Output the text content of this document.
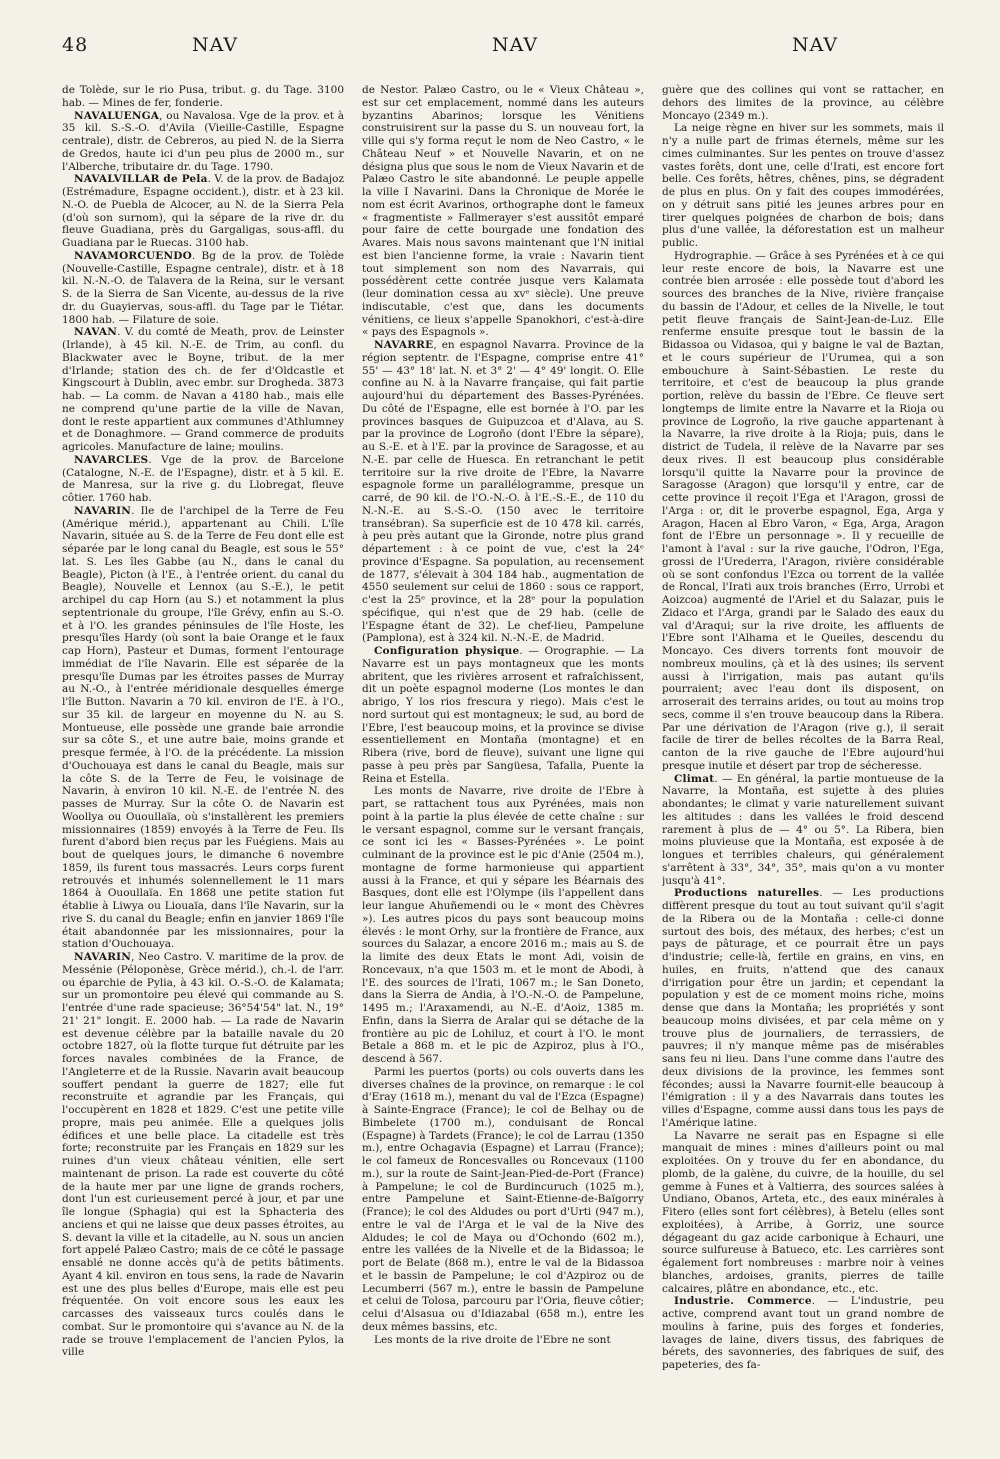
48	NAV	NAV
NAV

de Tolède, sur le rio Pusa, tribut. g. du Tage. 3100 hab. — Mines de fer, fonderie.

NAVALUENGA, ou Navalosa. Vge de la prov. et à 35 kil. S.-S.-O. d'Avila (Vieille-Castille, Espagne centrale), distr. de Cebreros, au pied N. de la Sierra de Gredos, haute ici d'un peu plus de 2000 m., sur l'Alberche, tributaire dr. du Tage. 1790.

NAVALVILLAR de Pela. V. de la prov. de Badajoz (Estrémadure, Espagne occident.), distr. et à 23 kil. N.-O. de Puebla de Alcocer, au N. de la Sierra Pela (d'où son surnom), qui la sépare de la rive dr. du fleuve Guadiana, près du Gargaligas, sous-affl. du Guadiana par le Ruecas. 3100 hab.

NAVAMORCUENDO. Bg de la prov. de Tolède (Nouvelle-Castille, Espagne centrale), distr. et à 18 kil. N.-N.-O. de Talavera de la Reina, sur le versant S. de la Sierra de San Vicente, au-dessus de la rive dr. du Guayiervas, sous-affl. du Tage par le Tiétar. 1800 hab. — Filature de soie.

NAVAN. V. du comté de Meath, prov. de Leinster (Irlande), à 45 kil. N.-E. de Trim, au confl. du Blackwater avec le Boyne, tribut. de la mer d'Irlande; station des ch. de fer d'Oldcastle et Kingscourt à Dublin, avec embr. sur Drogheda. 3873 hab. — La comm. de Navan a 4180 hab., mais elle ne comprend qu'une partie de la ville de Navan, dont le reste appartient aux communes d'Athlumney et de Donaghmore. — Grand commerce de produits agricoles. Manufacture de laine; moulins.

NAVARCLES. Vge de la prov. de Barcelone (Catalogne, N.-E. de l'Espagne), distr. et à 5 kil. E. de Manresa, sur la rive g. du Llobregat, fleuve côtier. 1760 hab.

NAVARIN. Ile de l'archipel de la Terre de Feu (Amérique mérid.), appartenant au Chili. L'île Navarin, située au S. de la Terre de Feu dont elle est séparée par le long canal du Beagle, est sous le 55° lat. S. Les îles Gabbe (au N., dans le canal du Beagle), Picton (à l'E., à l'entrée orient. du canal du Beagle), Nouvelle et Lennox (au S.-E.), le petit archipel du cap Horn (au S.) et notamment la plus septentrionale du groupe, l'île Grévy, enfin au S.-O. et à l'O. les grandes péninsules de l'île Hoste, les presqu'îles Hardy (où sont la baie Orange et le faux cap Horn), Pasteur et Dumas, forment l'entourage immédiat de l'île Navarin. Elle est séparée de la presqu'île Dumas par les étroites passes de Murray au N.-O., à l'entrée méridionale desquelles émerge l'île Button. Navarin a 70 kil. environ de l'E. à l'O., sur 35 kil. de largeur en moyenne du N. au S. Montueuse, elle possède une grande baie arrondie sur sa côte S., et une autre baie, moins grande et presque fermée, à l'O. de la précédente. La mission d'Ouchouaya est dans le canal du Beagle, mais sur la côte S. de la Terre de Feu, le voisinage de Navarin, à environ 10 kil. N.-E. de l'entrée N. des passes de Murray. Sur la côte O. de Navarin est Woollya ou Ououllaïa, où s'installèrent les premiers missionnaires (1859) envoyés à la Terre de Feu. Ils furent d'abord bien reçus par les Fuégiens. Mais au bout de quelques jours, le dimanche 6 novembre 1859, ils furent tous massacrés. Leurs corps furent retrouvés et inhumés solennellement le 11 mars 1864 à Ououllaïa. En 1868 une petite station fut établie à Liwya ou Liouaïa, dans l'île Navarin, sur la rive S. du canal du Beagle; enfin en janvier 1869 l'île était abandonnée par les missionnaires, pour la station d'Ouchouaya.

NAVARIN, Neo Castro. V. maritime de la prov. de Messénie (Péloponèse, Grèce mérid.), ch.-l. de l'arr. ou éparchie de Pylia, à 43 kil. O.-S.-O. de Kalamata; sur un promontoire peu élevé qui commande au S. l'entrée d'une rade spacieuse; 36°54'54" lat. N., 19° 21' 21" longit. E. 2000 hab. — La rade de Navarin est devenue célèbre par la bataille navale du 20 octobre 1827, où la flotte turque fut détruite par les forces navales combinées de la France, de l'Angleterre et de la Russie. Navarin avait beaucoup souffert pendant la guerre de 1827; elle fut reconstruite et agrandie par les Français, qui l'occupèrent en 1828 et 1829. C'est une petite ville propre, mais peu animée. Elle a quelques jolis édifices et une belle place. La citadelle est très forte; reconstruite par les Français en 1829 sur les ruines d'un vieux château vénitien, elle sert maintenant de prison. La rade est couverte du côté de la haute mer par une ligne de grands rochers, dont l'un est curieusement percé à jour, et par une île longue (Sphagia) qui est la Sphacteria des anciens et qui ne laisse que deux passes étroites, au S. devant la ville et la citadelle, au N. sous un ancien fort appelé Palæo Castro; mais de ce côté le passage ensablé ne donne accès qu'à de petits bâtiments. Ayant 4 kil. environ en tous sens, la rade de Navarin est une des plus belles d'Europe, mais elle est peu fréquentée. On voit encore sous les eaux les carcasses des vaisseaux turcs coulés dans le combat. Sur le promontoire qui s'avance au N. de la rade se trouve l'emplacement de l'ancien Pylos, la ville

de Nestor. Palæo Castro, ou le « Vieux Château », est sur cet emplacement, nommé dans les auteurs byzantins Abarinos; lorsque les Vénitiens construisirent sur la passe du S. un nouveau fort, la ville qui s'y forma reçut le nom de Neo Castro, « le Château Neuf » et Nouvelle Navarin, et on ne désigna plus que sous le nom de Vieux Navarin et de Palæo Castro le site abandonné. Le peuple appelle la ville I Navarini. Dans la Chronique de Morée le nom est écrit Avarinos, orthographe dont le fameux « fragmentiste » Fallmerayer s'est aussitôt emparé pour faire de cette bourgade une fondation des Avares. Mais nous savons maintenant que l'N initial est bien l'ancienne forme, la vraie : Navarin tient tout simplement son nom des Navarrais, qui possédèrent cette contrée jusque vers Kalamata (leur domination cessa au xvᵉ siècle). Une preuve indiscutable, c'est que, dans les documents vénitiens, ce lieux s'appelle Spanokhori, c'est-à-dire « pays des Espagnols ».

NAVARRE, en espagnol Navarra. Province de la région septentr. de l'Espagne, comprise entre 41° 55' — 43° 18' lat. N. et 3° 2' — 4° 49' longit. O. Elle confine au N. à la Navarre française, qui fait partie aujourd'hui du département des Basses-Pyrénées. Du côté de l'Espagne, elle est bornée à l'O. par les provinces basques de Guipuzcoa et d'Alava, au S. par la province de Logroño (dont l'Ebre la sépare), au S.-E. et à l'E. par la province de Saragosse, et au N.-E. par celle de Huesca. En retranchant le petit territoire sur la rive droite de l'Ebre, la Navarre espagnole forme un parallélogramme, presque un carré, de 90 kil. de l'O.-N.-O. à l'E.-S.-E., de 110 du N.-N.-E. au S.-S.-O. (150 avec le territoire transébran). Sa superficie est de 10 478 kil. carrés, à peu près autant que la Gironde, notre plus grand département : à ce point de vue, c'est la 24ᵉ province d'Espagne. Sa population, au recensement de 1877, s'élevait à 304 184 hab., augmentation de 4550 seulement sur celui de 1860 : sous ce rapport, c'est la 25ᵉ province, et la 28ᵉ pour la population spécifique, qui n'est que de 29 hab. (celle de l'Espagne étant de 32). Le chef-lieu, Pampelune (Pamplona), est à 324 kil. N.-N.-E. de Madrid.

Configuration physique. — Orographie. — La Navarre est un pays montagneux que les monts abritent, que les rivières arrosent et rafraîchissent, dit un poète espagnol moderne (Los montes le dan abrigo, Y los rios frescura y riego). Mais c'est le nord surtout qui est montagneux; le sud, au bord de l'Ebre, l'est beaucoup moins, et la province se divise essentiellement en Montaña (montagne) et en Ribera (rive, bord de fleuve), suivant une ligne qui passe à peu près par Sangüesa, Tafalla, Puente la Reina et Estella.

Les monts de Navarre, rive droite de l'Ebre à part, se rattachent tous aux Pyrénées, mais non point à la partie la plus élevée de cette chaîne : sur le versant espagnol, comme sur le versant français, ce sont ici les « Basses-Pyrénées ». Le point culminant de la province est le pic d'Anie (2504 m.), montagne de forme harmonieuse qui appartient aussi à la France, et qui y sépare les Béarnais des Basques, dont elle est l'Olympe (ils l'appellent dans leur langue Ahuñemendi ou le « mont des Chèvres »). Les autres picos du pays sont beaucoup moins élevés : le mont Orhy, sur la frontière de France, aux sources du Salazar, a encore 2016 m.; mais au S. de la limite des deux Etats le mont Adi, voisin de Roncevaux, n'a que 1503 m. et le mont de Abodi, à l'E. des sources de l'Irati, 1067 m.; le San Doneto, dans la Sierra de Andia, à l'O.-N.-O. de Pampelune, 1495 m.; l'Araxamendi, au N.-E. d'Aoiz, 1385 m. Enfin, dans la Sierra de Aralar qui se détache de la frontière au pic de Lohiluz, et court à l'O. le mont Betale a 868 m. et le pic de Azpiroz, plus à l'O., descend à 567.

Parmi les puertos (ports) ou cols ouverts dans les diverses chaînes de la province, on remarque : le col d'Eray (1618 m.), menant du val de l'Ezca (Espagne) à Sainte-Engrace (France); le col de Belhay ou de Bimbelete (1700 m.), conduisant de Roncal (Espagne) à Tardets (France); le col de Larrau (1350 m.), entre Ochagavia (Espagne) et Larrau (France); le col fameux de Roncesvalles ou Roncevaux (1100 m.), sur la route de Saint-Jean-Pied-de-Port (France) à Pampelune; le col de Burdincuruch (1025 m.), entre Pampelune et Saint-Etienne-de-Baïgorry (France); le col des Aldudes ou port d'Urti (947 m.), entre le val de l'Arga et le val de la Nive des Aldudes; le col de Maya ou d'Ochondo (602 m.), entre les vallées de la Nivelle et de la Bidassoa; le port de Belate (868 m.), entre le val de la Bidassoa et le bassin de Pampelune; le col d'Azpiroz ou de Lecumberri (567 m.), entre le bassin de Pampelune et celui de Tolosa, parcouru par l'Oria, fleuve côtier; celui d'Alsasua ou d'Idiazabal (658 m.), entre les deux mêmes bassins, etc.

Les monts de la rive droite de l'Ebre ne sont

guère que des collines qui vont se rattacher, en dehors des limites de la province, au célèbre Moncayo (2349 m.).

La neige règne en hiver sur les sommets, mais il n'y a nulle part de frimas éternels, même sur les cimes culminantes. Sur les pentes on trouve d'assez vastes forêts, dont une, celle d'Irati, est encore fort belle. Ces forêts, hêtres, chênes, pins, se dégradent de plus en plus. On y fait des coupes immodérées, on y détruit sans pitié les jeunes arbres pour en tirer quelques poignées de charbon de bois; dans plus d'une vallée, la déforestation est un malheur public.

Hydrographie. — Grâce à ses Pyrénées et à ce qui leur reste encore de bois, la Navarre est une contrée bien arrosée : elle possède tout d'abord les sources des branches de la Nive, rivière française du bassin de l'Adour, et celles de la Nivelle, le tout petit fleuve français de Saint-Jean-de-Luz. Elle renferme ensuite presque tout le bassin de la Bidassoa ou Vidasoa, qui y baigne le val de Baztan, et le cours supérieur de l'Urumea, qui a son embouchure à Saint-Sébastien. Le reste du territoire, et c'est de beaucoup la plus grande portion, relève du bassin de l'Ebre. Ce fleuve sert longtemps de limite entre la Navarre et la Rioja ou province de Logroño, la rive gauche appartenant à la Navarre, la rive droite à la Rioja; puis, dans le district de Tudela, il relève de la Navarre par ses deux rives. Il est beaucoup plus considérable lorsqu'il quitte la Navarre pour la province de Saragosse (Aragon) que lorsqu'il y entre, car de cette province il reçoit l'Ega et l'Aragon, grossi de l'Arga : or, dit le proverbe espagnol, Ega, Arga y Aragon, Hacen al Ebro Varon, « Ega, Arga, Aragon font de l'Ebre un personnage ». Il y recueille de l'amont à l'aval : sur la rive gauche, l'Odron, l'Ega, grossi de l'Urederra, l'Aragon, rivière considérable où se sont confondus l'Ezca ou torrent de la vallée de Roncal, l'Irati aux trois branches (Erro, Urrobi et Aoizcoa) augmenté de l'Ariel et du Salazar, puis le Zidaco et l'Arga, grandi par le Salado des eaux du val d'Araqui; sur la rive droite, les affluents de l'Ebre sont l'Alhama et le Queiles, descendu du Moncayo. Ces divers torrents font mouvoir de nombreux moulins, çà et là des usines; ils servent aussi à l'irrigation, mais pas autant qu'ils pourraient; avec l'eau dont ils disposent, on arroserait des terrains arides, ou tout au moins trop secs, comme il s'en trouve beaucoup dans la Ribera. Par une dérivation de l'Aragon (rive g.), il serait facile de tirer de belles récoltes de la Barra Real, canton de la rive gauche de l'Ebre aujourd'hui presque inutile et désert par trop de sécheresse.

Climat. — En général, la partie montueuse de la Navarre, la Montaña, est sujette à des pluies abondantes; le climat y varie naturellement suivant les altitudes : dans les vallées le froid descend rarement à plus de — 4° ou 5°. La Ribera, bien moins pluvieuse que la Montaña, est exposée à de longues et terribles chaleurs, qui généralement s'arrêtent à 33°, 34°, 35°, mais qu'on a vu monter jusqu'à 41°.

Productions naturelles. — Les productions diffèrent presque du tout au tout suivant qu'il s'agit de la Ribera ou de la Montaña : celle-ci donne surtout des bois, des métaux, des herbes; c'est un pays de pâturage, et ce pourrait être un pays d'industrie; celle-là, fertile en grains, en vins, en huiles, en fruits, n'attend que des canaux d'irrigation pour être un jardin; et cependant la population y est de ce moment moins riche, moins dense que dans la Montaña; les propriétés y sont beaucoup moins divisées, et par cela même on y trouve plus de journaliers, de terrassiers, de pauvres; il n'y manque même pas de misérables sans feu ni lieu. Dans l'une comme dans l'autre des deux divisions de la province, les femmes sont fécondes; aussi la Navarre fournit-elle beaucoup à l'émigration : il y a des Navarrais dans toutes les villes d'Espagne, comme aussi dans tous les pays de l'Amérique latine.

La Navarre ne serait pas en Espagne si elle manquait de mines : mines d'ailleurs point ou mal exploitées. On y trouve du fer en abondance, du plomb, de la galène, du cuivre, de la houille, du sel gemme à Funes et à Valtierra, des sources salées à Undiano, Obanos, Arteta, etc., des eaux minérales à Fitero (elles sont fort célèbres), à Betelu (elles sont exploitées), à Arribe, à Gorriz, une source dégageant du gaz acide carbonique à Echauri, une source sulfureuse à Batueco, etc. Les carrières sont également fort nombreuses : marbre noir à veines blanches, ardoises, granits, pierres de taille calcaires, plâtre en abondance, etc., etc.

Industrie. Commerce. — L'industrie, peu active, comprend avant tout un grand nombre de moulins à farine, puis des forges et fonderies, lavages de laine, divers tissus, des fabriques de bérets, des savonneries, des fabriques de suif, des papeteries, des fa-
